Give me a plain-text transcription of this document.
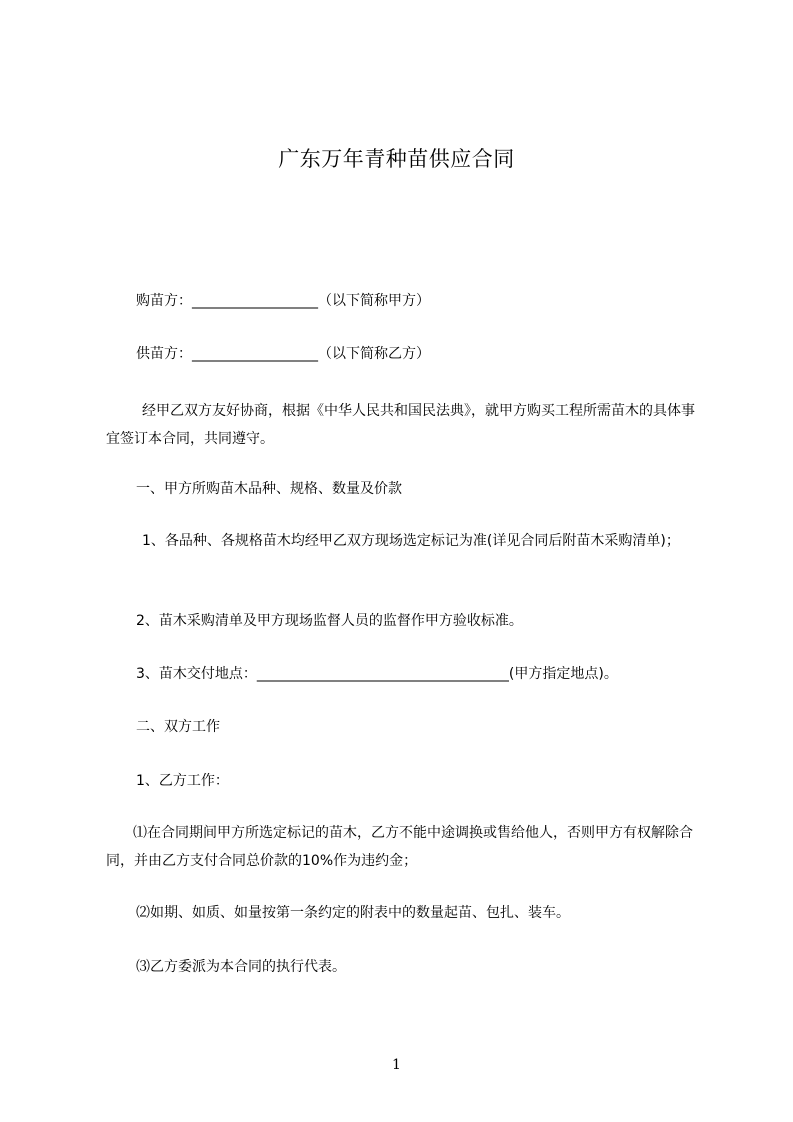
广东万年青种苗供应合同
购苗方：__________________（以下简称甲方）
供苗方：__________________（以下简称乙方）
经甲乙双方友好协商，根据《中华人民共和国民法典》，就甲方购买工程所需苗木的具体事宜签订本合同，共同遵守。
一、甲方所购苗木品种、规格、数量及价款
1、各品种、各规格苗木均经甲乙双方现场选定标记为准(详见合同后附苗木采购清单)；
2、苗木采购清单及甲方现场监督人员的监督作甲方验收标准。
3、苗木交付地点：____________________________________(甲方指定地点)。
二、双方工作
1、乙方工作：
⑴在合同期间甲方所选定标记的苗木，乙方不能中途调换或售给他人，否则甲方有权解除合同，并由乙方支付合同总价款的10%作为违约金；
⑵如期、如质、如量按第一条约定的附表中的数量起苗、包扎、装车。
⑶乙方委派为本合同的执行代表。
1
